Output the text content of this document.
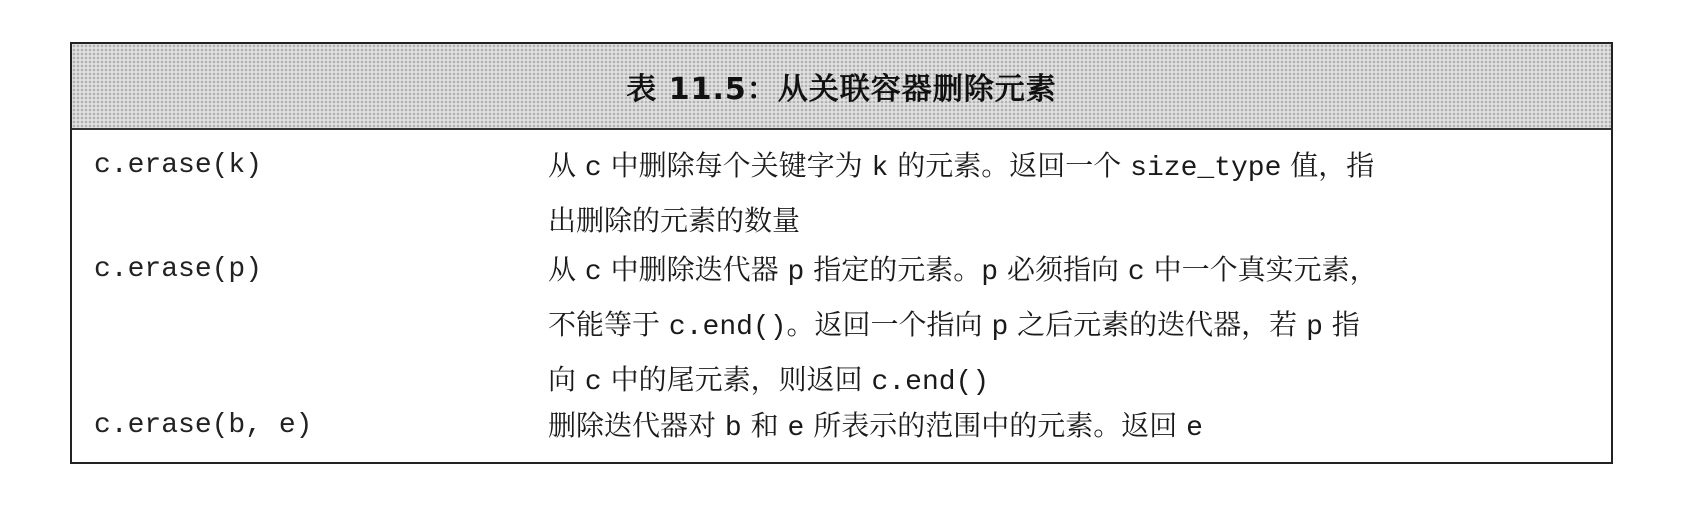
表 11.5：从关联容器删除元素
c.erase(k)	从 c 中删除每个关键字为 k 的元素。返回一个 size_type 值，指
出删除的元素的数量
c.erase(p)	从 c 中删除迭代器 p 指定的元素。p 必须指向 c 中一个真实元素，
不能等于 c.end()。返回一个指向 p 之后元素的迭代器，若 p 指
向 c 中的尾元素，则返回 c.end()
c.erase(b, e)	删除迭代器对 b 和 e 所表示的范围中的元素。返回 e
